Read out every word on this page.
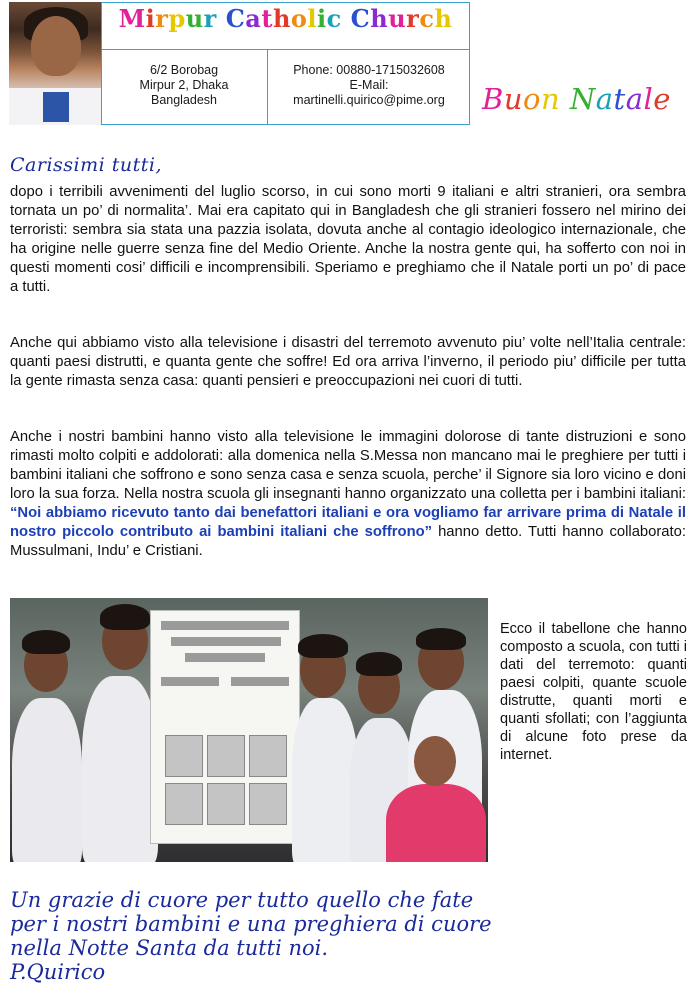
Mirpur Catholic Church
6/2 Borobag
Mirpur 2, Dhaka
Bangladesh
Phone: 00880-1715032608
E-Mail:
martinelli.quirico@pime.org	Buon Natale
Carissimi tutti,

dopo i terribili avvenimenti del luglio scorso, in cui sono morti 9 italiani e altri stranieri, ora sembra tornata un po’ di normalita’. Mai era capitato qui in Bangladesh che gli stranieri fossero nel mirino dei terroristi: sembra sia stata una pazzia isolata, dovuta anche al contagio ideologico internazionale, che ha origine nelle guerre senza fine del Medio Oriente. Anche la nostra gente qui, ha sofferto con noi in questi momenti cosi’ difficili e incomprensibili. Speriamo e preghiamo che il Natale porti un po’ di pace a tutti.

Anche qui abbiamo visto alla televisione i disastri del terremoto avvenuto piu’ volte nell’Italia centrale: quanti paesi distrutti, e quanta gente che soffre! Ed ora arriva l’inverno, il periodo piu’ difficile per tutta la gente rimasta senza casa: quanti pensieri e preoccupazioni nei cuori di tutti.

Anche i nostri bambini hanno visto alla televisione le immagini dolorose di tante distruzioni e sono rimasti molto colpiti e addolorati: alla domenica nella S.Messa non mancano mai le preghiere per tutti i bambini italiani che soffrono e sono senza casa e senza scuola, perche’ il Signore sia loro vicino e doni loro la sua forza. Nella nostra scuola gli insegnanti hanno organizzato una colletta per i bambini italiani: “Noi abbiamo ricevuto tanto dai benefattori italiani e ora vogliamo far arrivare prima di Natale il nostro piccolo contributo ai bambini italiani che soffrono” hanno detto. Tutti hanno collaborato: Mussulmani, Indu’ e Cristiani.

Ecco il tabellone che hanno composto a scuola, con tutti i dati del terremoto: quanti paesi colpiti, quante scuole distrutte, quanti morti e quanti sfollati; con l’aggiunta di alcune foto prese da internet.

Un grazie di cuore per tutto quello che fate
per i nostri bambini e una preghiera di cuore
nella Notte Santa da tutti noi.
P.Quirico
